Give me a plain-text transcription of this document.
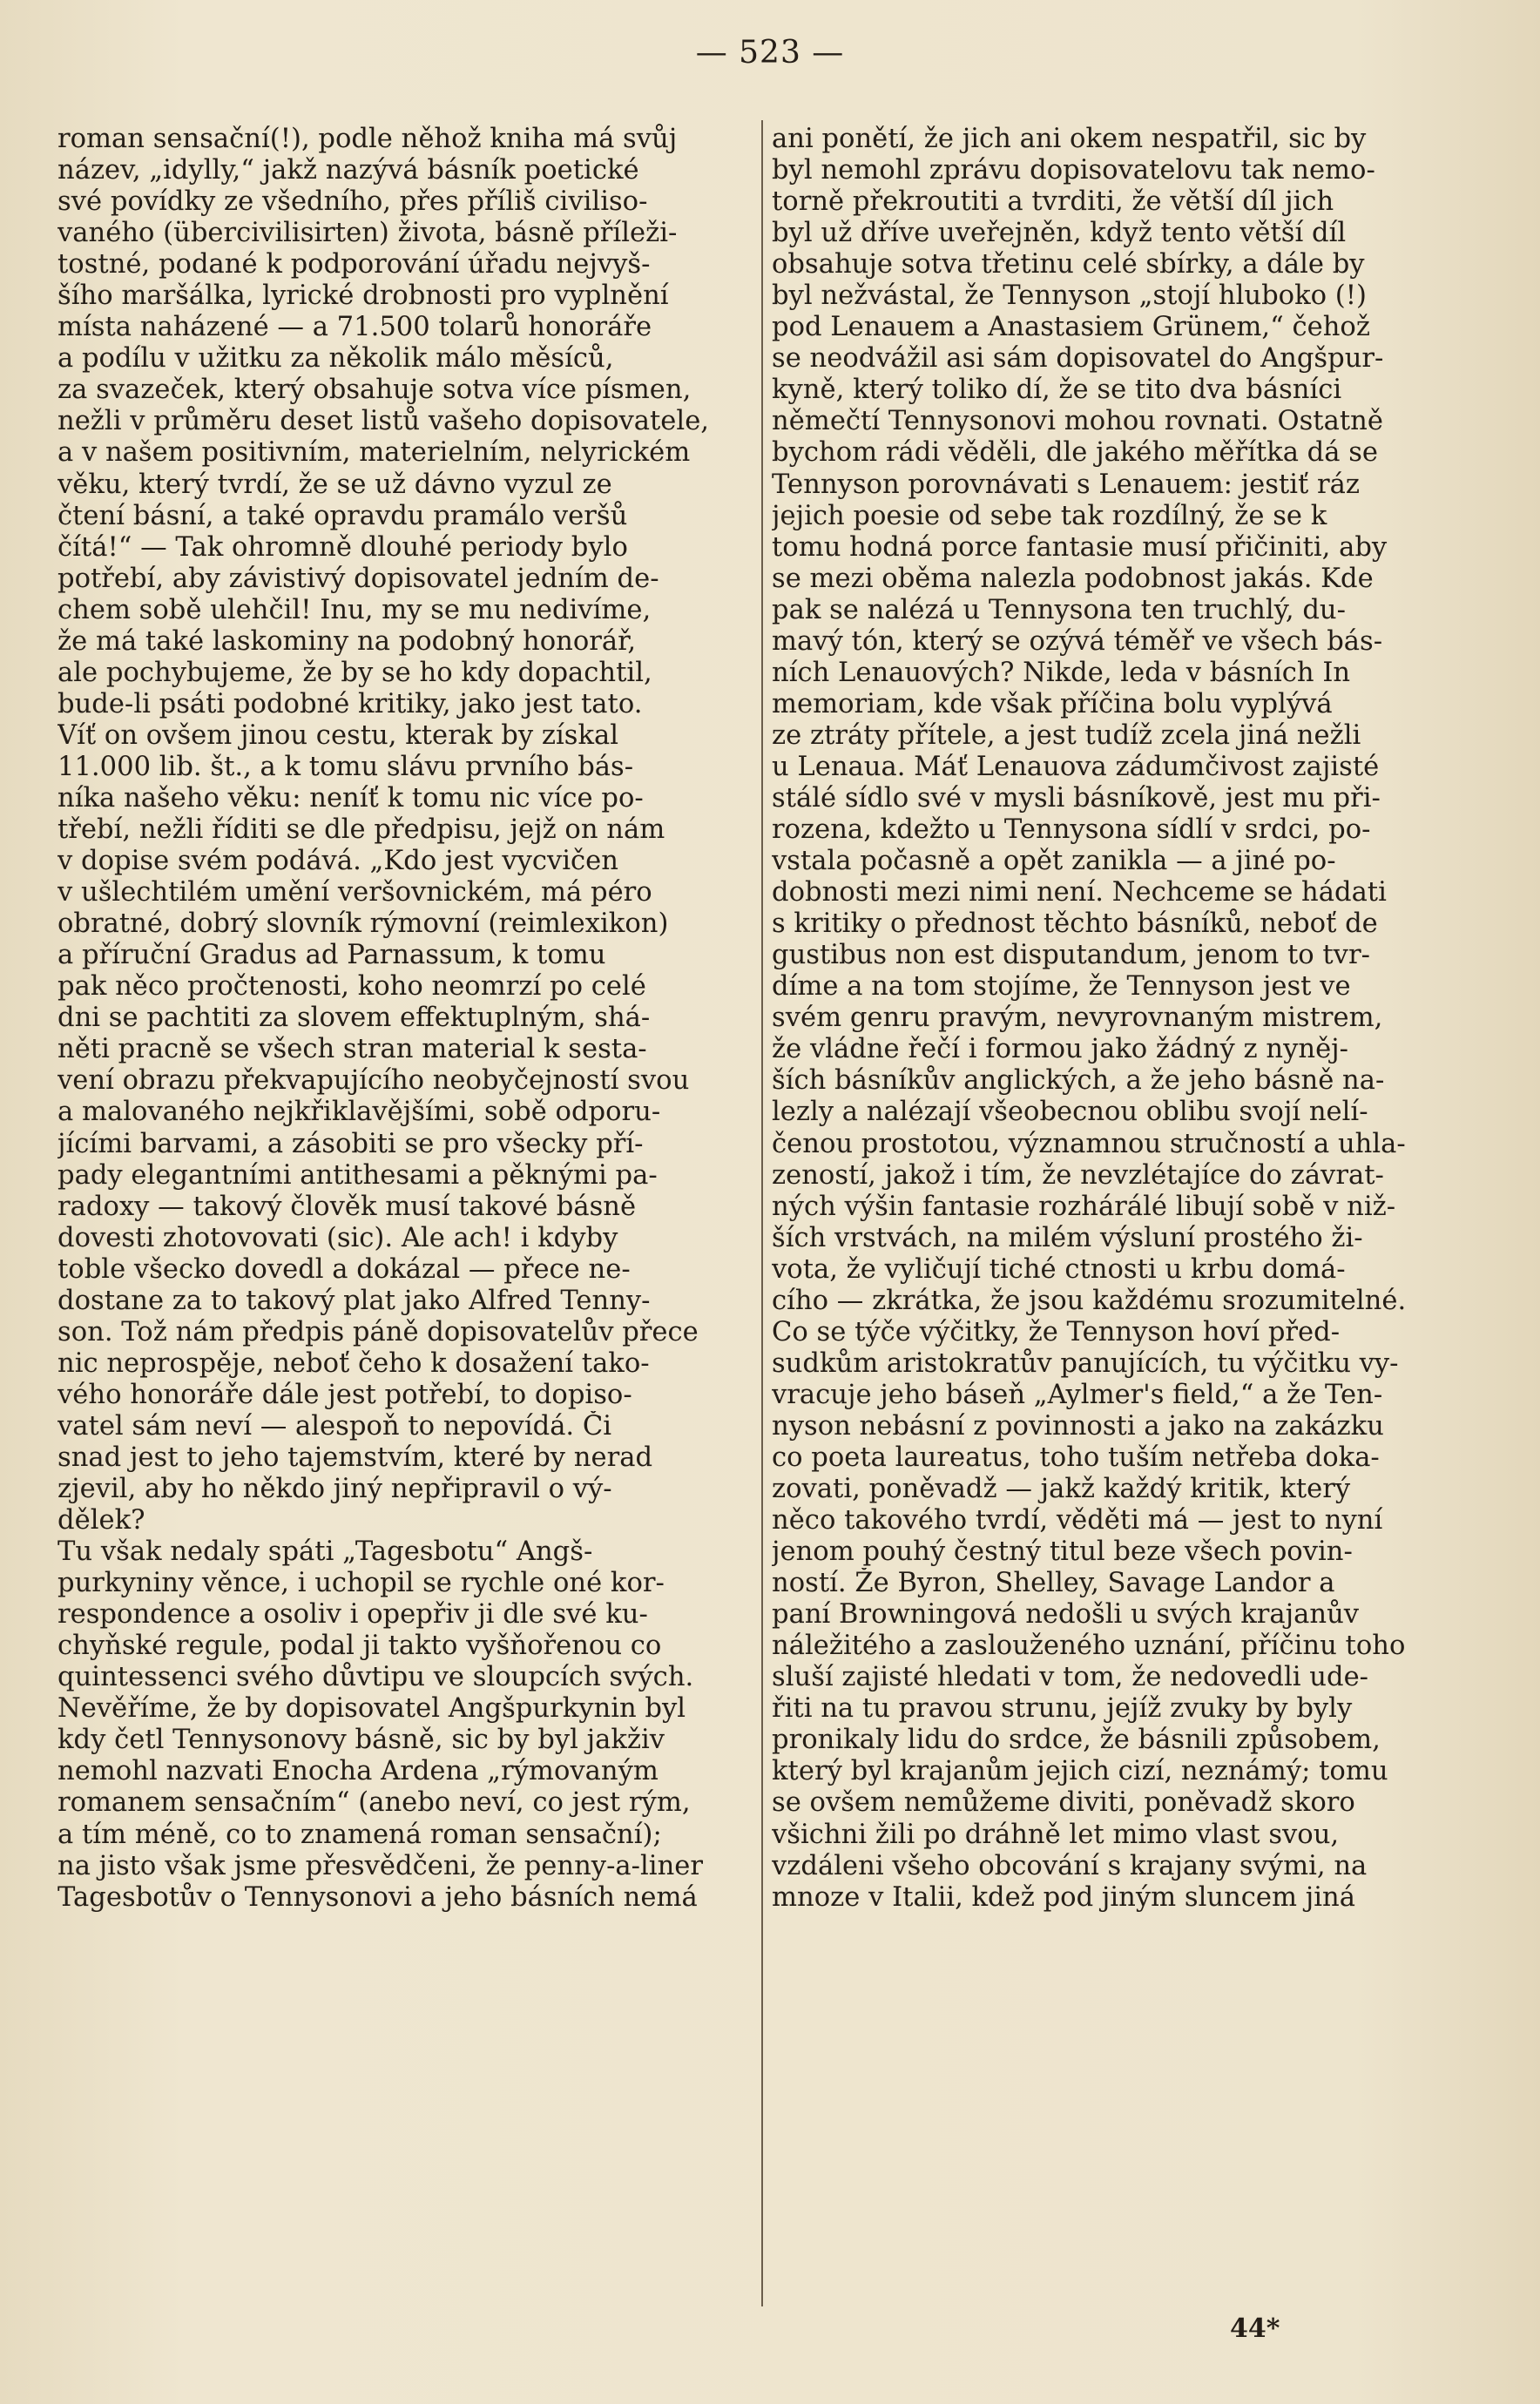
— 523 —
roman sensační(!), podle něhož kniha má svůj
název, „idylly,“ jakž nazývá básník poetické
své povídky ze všedního, přes příliš civiliso-
vaného (übercivilisirten) života, básně příleži-
tostné, podané k podporování úřadu nejvyš-
šího maršálka, lyrické drobnosti pro vyplnění
místa naházené — a 71.500 tolarů honoráře
a podílu v užitku za několik málo měsíců,
za svazeček, který obsahuje sotva více písmen,
nežli v průměru deset listů vašeho dopisovatele,
a v našem positivním, materielním, nelyrickém
věku, který tvrdí, že se už dávno vyzul ze
čtení básní, a také opravdu pramálo veršů
čítá!“ — Tak ohromně dlouhé periody bylo
potřebí, aby závistivý dopisovatel jedním de-
chem sobě ulehčil! Inu, my se mu nedivíme,
že má také laskominy na podobný honorář,
ale pochybujeme, že by se ho kdy dopachtil,
bude-li psáti podobné kritiky, jako jest tato.
Víť on ovšem jinou cestu, kterak by získal
11.000 lib. št., a k tomu slávu prvního bás-
níka našeho věku: neníť k tomu nic více po-
třebí, nežli říditi se dle předpisu, jejž on nám
v dopise svém podává. „Kdo jest vycvičen
v ušlechtilém umění veršovnickém, má péro
obratné, dobrý slovník rýmovní (reimlexikon)
a příruční Gradus ad Parnassum, k tomu
pak něco pročtenosti, koho neomrzí po celé
dni se pachtiti za slovem effektuplným, shá-
něti pracně se všech stran material k sesta-
vení obrazu překvapujícího neobyčejností svou
a malovaného nejkřiklavějšími, sobě odporu-
jícími barvami, a zásobiti se pro všecky pří-
pady elegantními antithesami a pěknými pa-
radoxy — takový člověk musí takové básně
dovesti zhotovovati (sic). Ale ach! i kdyby
toble všecko dovedl a dokázal — přece ne-
dostane za to takový plat jako Alfred Tenny-
son. Tož nám předpis páně dopisovatelův přece
nic neprospěje, neboť čeho k dosažení tako-
vého honoráře dále jest potřebí, to dopiso-
vatel sám neví — alespoň to nepovídá. Či
snad jest to jeho tajemstvím, které by nerad
zjevil, aby ho někdo jiný nepřipravil o vý-
dělek?
Tu však nedaly spáti „Tagesbotu“ Angš-
purkyniny věnce, i uchopil se rychle oné kor-
respondence a osoliv i opepřiv ji dle své ku-
chyňské regule, podal ji takto vyšňořenou co
quintessenci svého důvtipu ve sloupcích svých.
Nevěříme, že by dopisovatel Angšpurkynin byl
kdy četl Tennysonovy básně, sic by byl jakživ
nemohl nazvati Enocha Ardena „rýmovaným
romanem sensačním“ (anebo neví, co jest rým,
a tím méně, co to znamená roman sensační);
na jisto však jsme přesvědčeni, že penny-a-liner
Tagesbotův o Tennysonovi a jeho básních nemá
ani ponětí, že jich ani okem nespatřil, sic by
byl nemohl zprávu dopisovatelovu tak nemo-
torně překroutiti a tvrditi, že větší díl jich
byl už dříve uveřejněn, když tento větší díl
obsahuje sotva třetinu celé sbírky, a dále by
byl nežvástal, že Tennyson „stojí hluboko (!)
pod Lenauem a Anastasiem Grünem,“ čehož
se neodvážil asi sám dopisovatel do Angšpur-
kyně, který toliko dí, že se tito dva básníci
němečtí Tennysonovi mohou rovnati. Ostatně
bychom rádi věděli, dle jakého měřítka dá se
Tennyson porovnávati s Lenauem: jestiť ráz
jejich poesie od sebe tak rozdílný, že se k
tomu hodná porce fantasie musí přičiniti, aby
se mezi oběma nalezla podobnost jakás. Kde
pak se nalézá u Tennysona ten truchlý, du-
mavý tón, který se ozývá téměř ve všech bás-
ních Lenauových? Nikde, leda v básních In
memoriam, kde však příčina bolu vyplývá
ze ztráty přítele, a jest tudíž zcela jiná nežli
u Lenaua. Máť Lenauova zádumčivost zajisté
stálé sídlo své v mysli básníkově, jest mu při-
rozena, kdežto u Tennysona sídlí v srdci, po-
vstala počasně a opět zanikla — a jiné po-
dobnosti mezi nimi není. Nechceme se hádati
s kritiky o přednost těchto básníků, neboť de
gustibus non est disputandum, jenom to tvr-
díme a na tom stojíme, že Tennyson jest ve
svém genru pravým, nevyrovnaným mistrem,
že vládne řečí i formou jako žádný z nyněj-
ších básníkův anglických, a že jeho básně na-
lezly a nalézají všeobecnou oblibu svojí nelí-
čenou prostotou, významnou stručností a uhla-
zeností, jakož i tím, že nevzlétajíce do závrat-
ných výšin fantasie rozhárálé libují sobě v niž-
ších vrstvách, na milém výsluní prostého ži-
vota, že vyličují tiché ctnosti u krbu domá-
cího — zkrátka, že jsou každému srozumitelné.
Co se týče výčitky, že Tennyson hoví před-
sudkům aristokratův panujících, tu výčitku vy-
vracuje jeho báseň „Aylmer's field,“ a že Ten-
nyson nebásní z povinnosti a jako na zakázku
co poeta laureatus, toho tuším netřeba doka-
zovati, poněvadž — jakž každý kritik, který
něco takového tvrdí, věděti má — jest to nyní
jenom pouhý čestný titul beze všech povin-
ností. Že Byron, Shelley, Savage Landor a
paní Browningová nedošli u svých krajanův
náležitého a zaslouženého uznání, příčinu toho
sluší zajisté hledati v tom, že nedovedli ude-
řiti na tu pravou strunu, jejíž zvuky by byly
pronikaly lidu do srdce, že básnili způsobem,
který byl krajanům jejich cizí, neznámý; tomu
se ovšem nemůžeme diviti, poněvadž skoro
všichni žili po dráhně let mimo vlast svou,
vzdáleni všeho obcování s krajany svými, na
mnoze v Italii, kdež pod jiným sluncem jiná
44*
